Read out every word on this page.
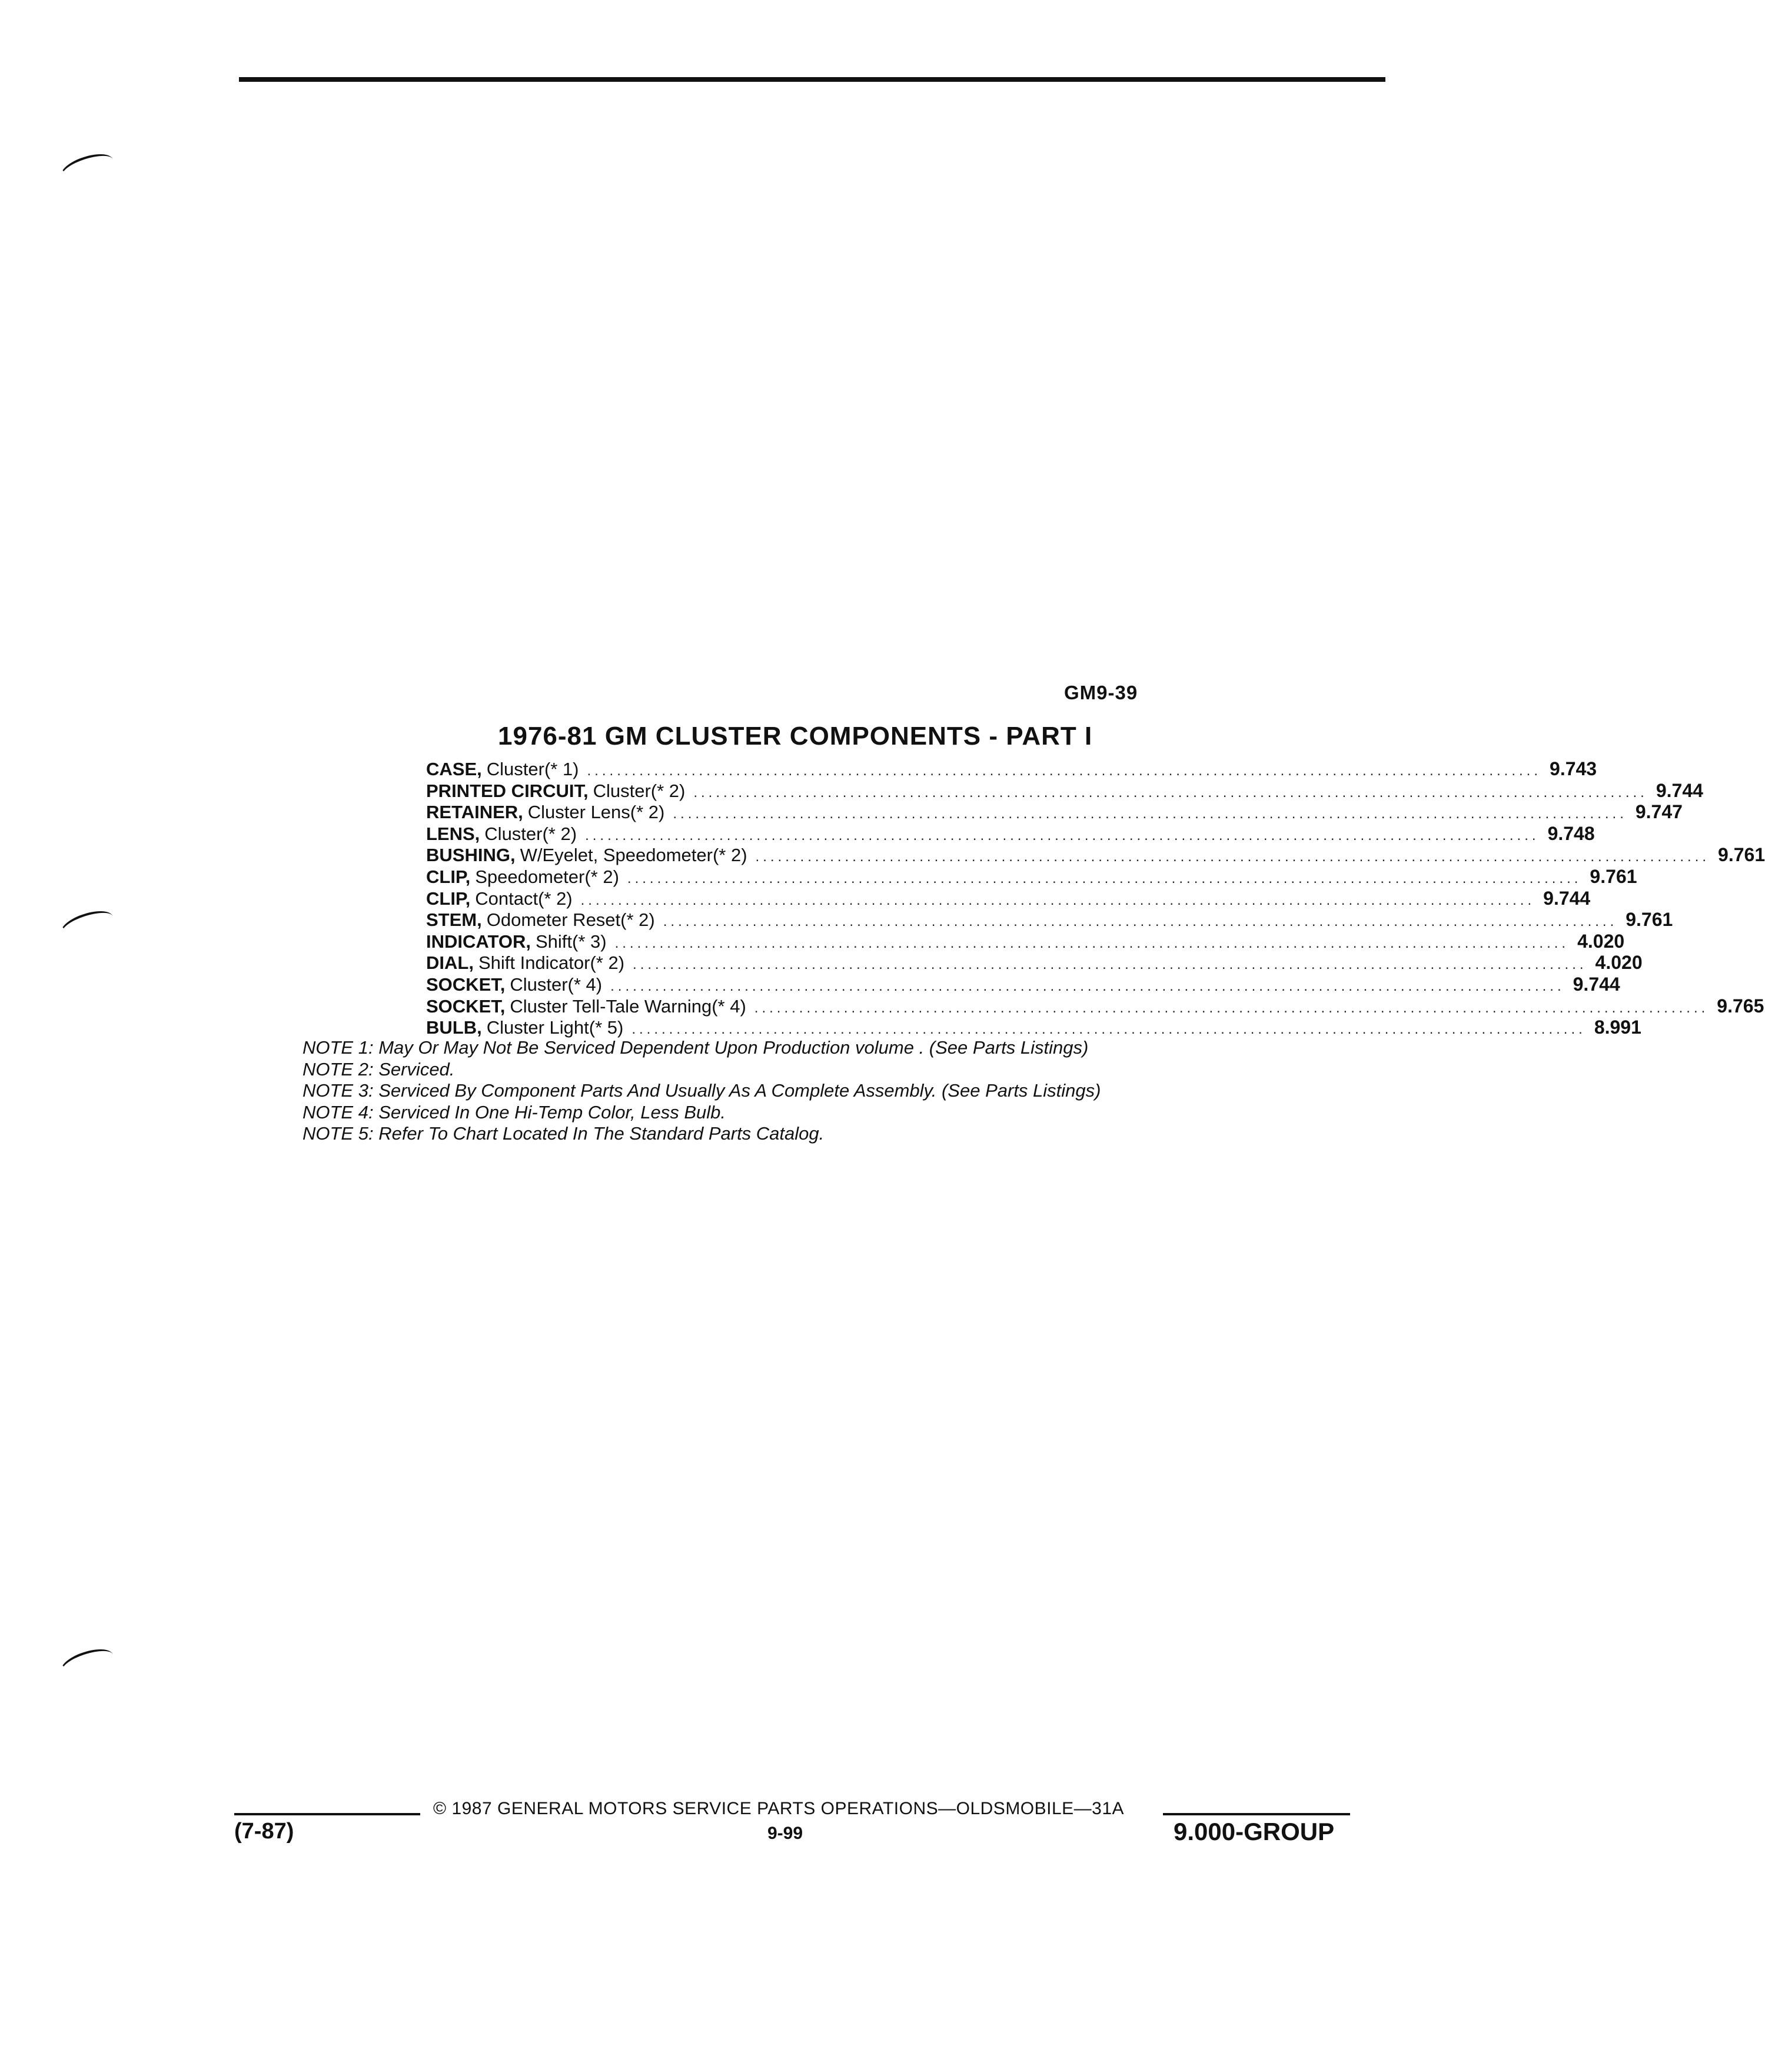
GM9-39
1976-81 GM CLUSTER COMPONENTS - PART I
CASE, Cluster(* 1) ................................................................................................................................ 9.743
PRINTED CIRCUIT, Cluster(* 2) ................................................................................................................................ 9.744
RETAINER, Cluster Lens(* 2) ................................................................................................................................ 9.747
LENS, Cluster(* 2) ................................................................................................................................ 9.748
BUSHING, W/Eyelet, Speedometer(* 2) ................................................................................................................................ 9.761
CLIP, Speedometer(* 2) ................................................................................................................................ 9.761
CLIP, Contact(* 2) ................................................................................................................................ 9.744
STEM, Odometer Reset(* 2) ................................................................................................................................ 9.761
INDICATOR, Shift(* 3) ................................................................................................................................ 4.020
DIAL, Shift Indicator(* 2) ................................................................................................................................ 4.020
SOCKET, Cluster(* 4) ................................................................................................................................ 9.744
SOCKET, Cluster Tell-Tale Warning(* 4) ................................................................................................................................ 9.765
BULB, Cluster Light(* 5) ................................................................................................................................ 8.991
NOTE 1: May Or May Not Be Serviced Dependent Upon Production volume . (See Parts Listings)
NOTE 2: Serviced.
NOTE 3: Serviced By Component Parts And Usually As A Complete Assembly. (See Parts Listings)
NOTE 4: Serviced In One Hi-Temp Color, Less Bulb.
NOTE 5: Refer To Chart Located In The Standard Parts Catalog.
© 1987 GENERAL MOTORS SERVICE PARTS OPERATIONS—OLDSMOBILE—31A
(7-87)	9-99	9.000-GROUP
